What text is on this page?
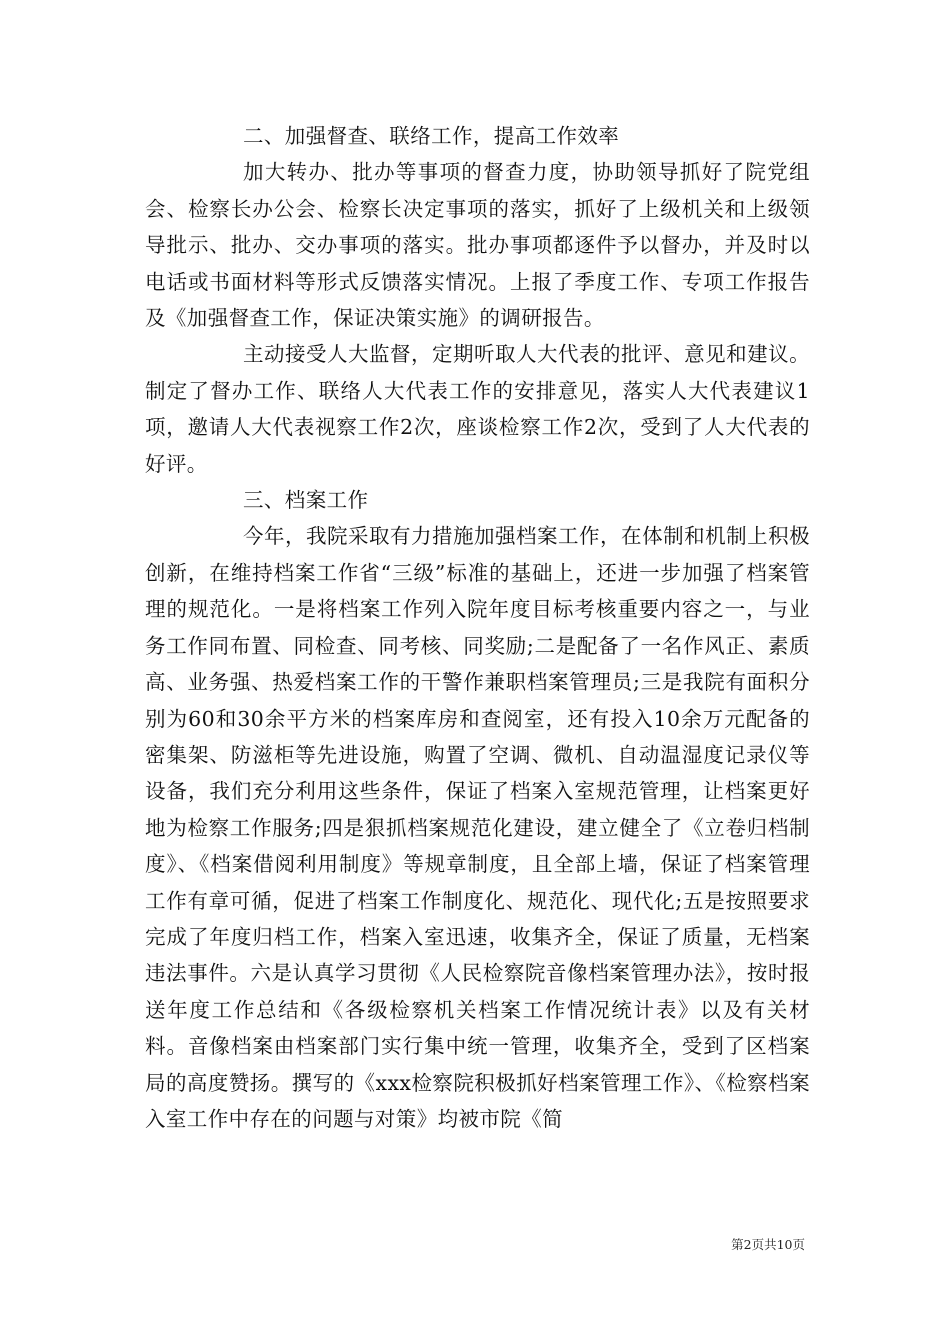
二、加强督查、联络工作，提高工作效率

加大转办、批办等事项的督查力度，协助领导抓好了院党组会、检察长办公会、检察长决定事项的落实，抓好了上级机关和上级领导批示、批办、交办事项的落实。批办事项都逐件予以督办，并及时以电话或书面材料等形式反馈落实情况。上报了季度工作、专项工作报告及《加强督查工作，保证决策实施》的调研报告。

主动接受人大监督，定期听取人大代表的批评、意见和建议。制定了督办工作、联络人大代表工作的安排意见，落实人大代表建议1项，邀请人大代表视察工作2次，座谈检察工作2次，受到了人大代表的好评。

三、档案工作

今年，我院采取有力措施加强档案工作，在体制和机制上积极创新，在维持档案工作省“三级”标准的基础上，还进一步加强了档案管理的规范化。一是将档案工作列入院年度目标考核重要内容之一，与业务工作同布置、同检查、同考核、同奖励;二是配备了一名作风正、素质高、业务强、热爱档案工作的干警作兼职档案管理员;三是我院有面积分别为60和30余平方米的档案库房和查阅室，还有投入10余万元配备的密集架、防滋柜等先进设施，购置了空调、微机、自动温湿度记录仪等设备，我们充分利用这些条件，保证了档案入室规范管理，让档案更好地为检察工作服务;四是狠抓档案规范化建设，建立健全了《立卷归档制度》、《档案借阅利用制度》等规章制度，且全部上墙，保证了档案管理工作有章可循，促进了档案工作制度化、规范化、现代化;五是按照要求完成了年度归档工作，档案入室迅速，收集齐全，保证了质量，无档案违法事件。六是认真学习贯彻《人民检察院音像档案管理办法》，按时报送年度工作总结和《各级检察机关档案工作情况统计表》以及有关材料。音像档案由档案部门实行集中统一管理，收集齐全，受到了区档案局的高度赞扬。撰写的《xxx检察院积极抓好档案管理工作》、《检察档案入室工作中存在的问题与对策》均被市院《简

第2页共10页
